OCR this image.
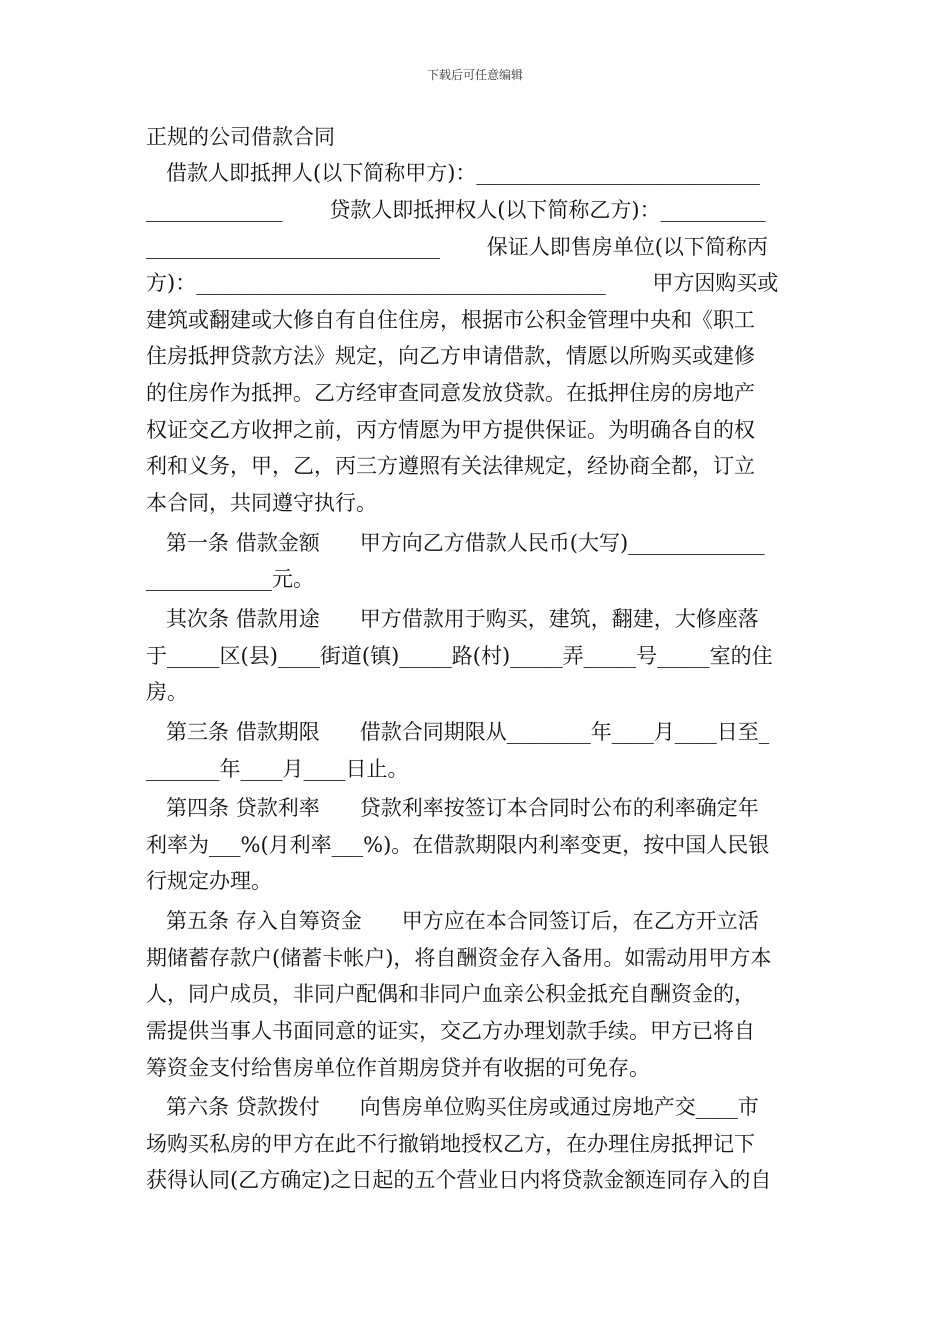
下载后可任意编辑
正规的公司借款合同
借款人即抵押人(以下简称甲方)：___________________________
_____________       贷款人即抵押权人(以下简称乙方)：__________
____________________________       保证人即售房单位(以下简称丙
方)：_______________________________________       甲方因购买或
建筑或翻建或大修自有自住住房，根据市公积金管理中央和《职工
住房抵押贷款方法》规定，向乙方申请借款，情愿以所购买或建修
的住房作为抵押。乙方经审查同意发放贷款。在抵押住房的房地产
权证交乙方收押之前，丙方情愿为甲方提供保证。为明确各自的权
利和义务，甲，乙，丙三方遵照有关法律规定，经协商全都，订立
本合同，共同遵守执行。
第一条 借款金额      甲方向乙方借款人民币(大写)_____________
____________元。
其次条 借款用途      甲方借款用于购买，建筑，翻建，大修座落
于_____区(县)____街道(镇)_____路(村)_____弄_____号_____室的住
房。
第三条 借款期限      借款合同期限从________年____月____日至_
_______年____月____日止。
第四条 贷款利率      贷款利率按签订本合同时公布的利率确定年
利率为___%(月利率___%)。在借款期限内利率变更，按中国人民银
行规定办理。
第五条 存入自筹资金      甲方应在本合同签订后，在乙方开立活
期储蓄存款户(储蓄卡帐户)，将自酬资金存入备用。如需动用甲方本
人，同户成员，非同户配偶和非同户血亲公积金抵充自酬资金的，
需提供当事人书面同意的证实，交乙方办理划款手续。甲方已将自
筹资金支付给售房单位作首期房贷并有收据的可免存。
第六条 贷款拨付      向售房单位购买住房或通过房地产交____市
场购买私房的甲方在此不行撤销地授权乙方，在办理住房抵押记下
获得认同(乙方确定)之日起的五个营业日内将贷款金额连同存入的自
